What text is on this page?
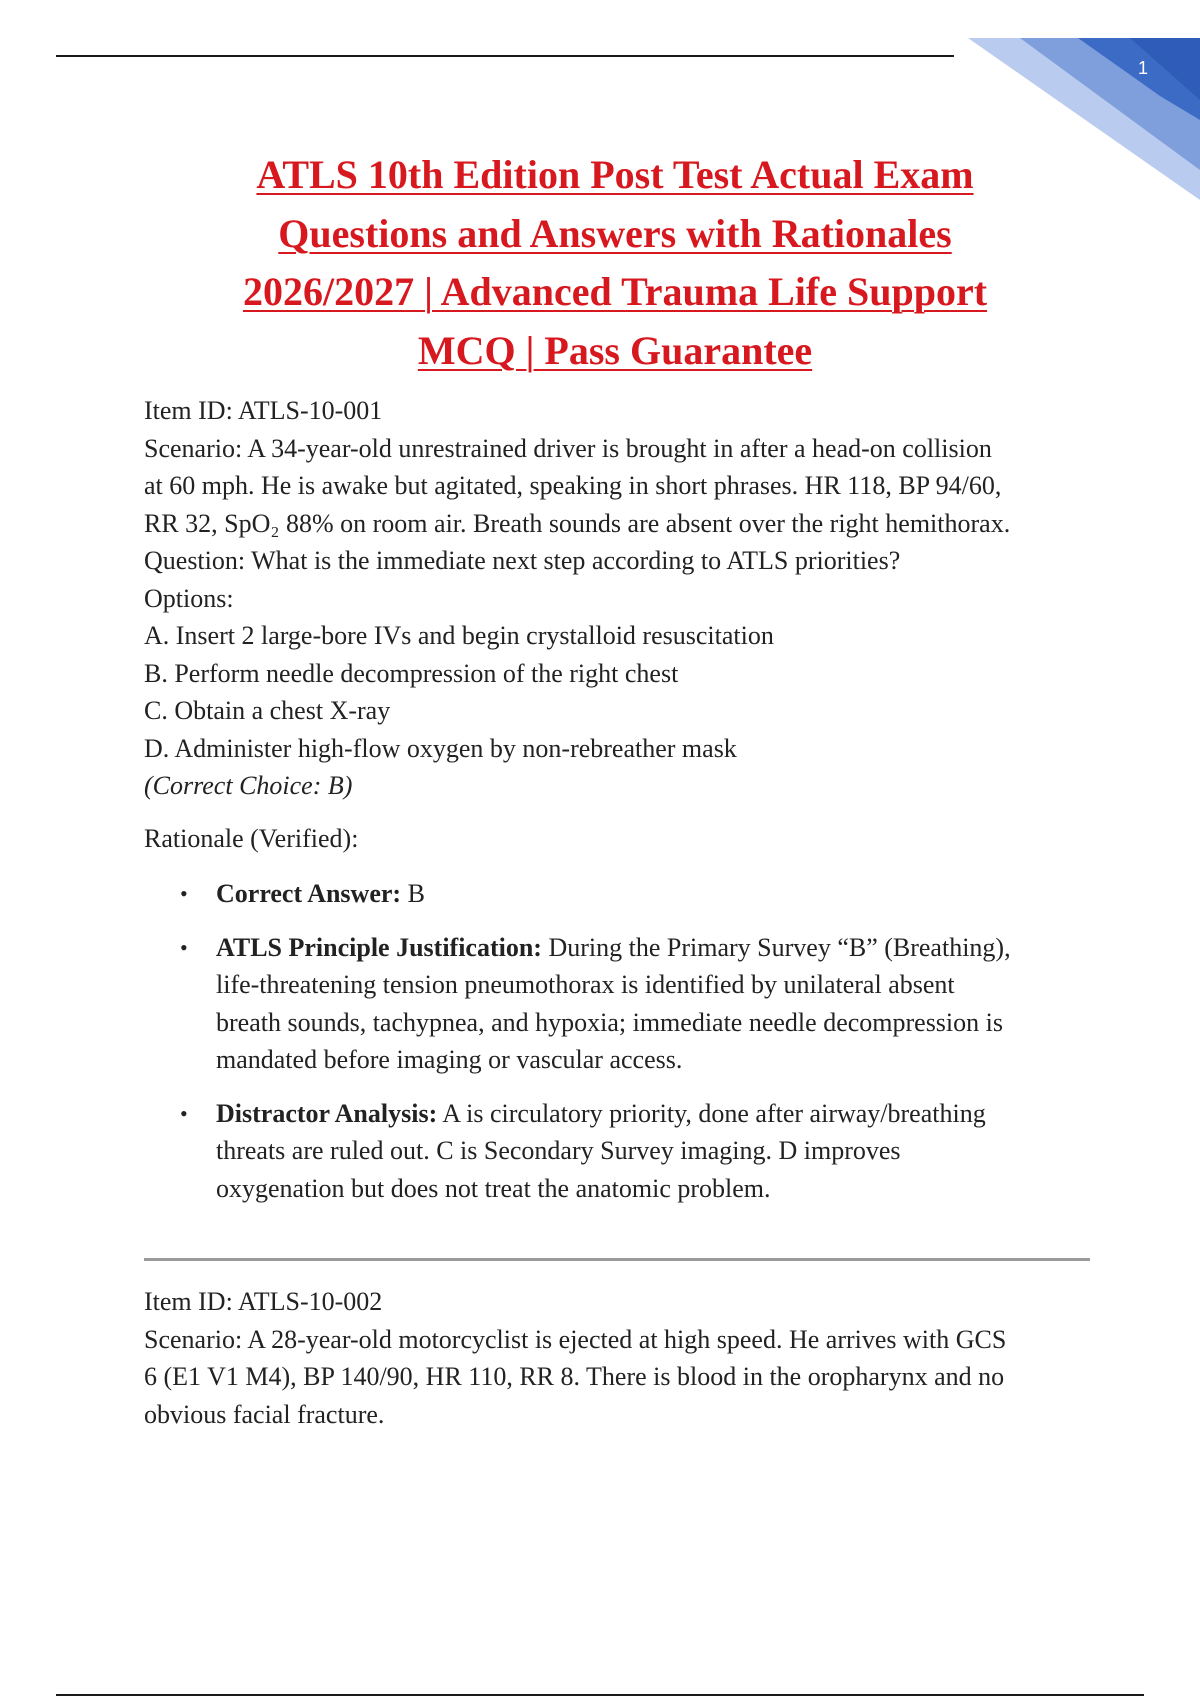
1
ATLS 10th Edition Post Test Actual Exam
Questions and Answers with Rationales
2026/2027 | Advanced Trauma Life Support
MCQ | Pass Guarantee
Item ID: ATLS-10-001
Scenario: A 34-year-old unrestrained driver is brought in after a head-on collision
at 60 mph. He is awake but agitated, speaking in short phrases. HR 118, BP 94/60,
RR 32, SpO₂ 88% on room air. Breath sounds are absent over the right hemithorax.
Question: What is the immediate next step according to ATLS priorities?
Options:
A. Insert 2 large-bore IVs and begin crystalloid resuscitation
B. Perform needle decompression of the right chest
C. Obtain a chest X-ray
D. Administer high-flow oxygen by non-rebreather mask
(Correct Choice: B)
Rationale (Verified):
• Correct Answer: B
• ATLS Principle Justification: During the Primary Survey “B” (Breathing),
life-threatening tension pneumothorax is identified by unilateral absent
breath sounds, tachypnea, and hypoxia; immediate needle decompression is
mandated before imaging or vascular access.
• Distractor Analysis: A is circulatory priority, done after airway/breathing
threats are ruled out. C is Secondary Survey imaging. D improves
oxygenation but does not treat the anatomic problem.
Item ID: ATLS-10-002
Scenario: A 28-year-old motorcyclist is ejected at high speed. He arrives with GCS
6 (E1 V1 M4), BP 140/90, HR 110, RR 8. There is blood in the oropharynx and no
obvious facial fracture.
